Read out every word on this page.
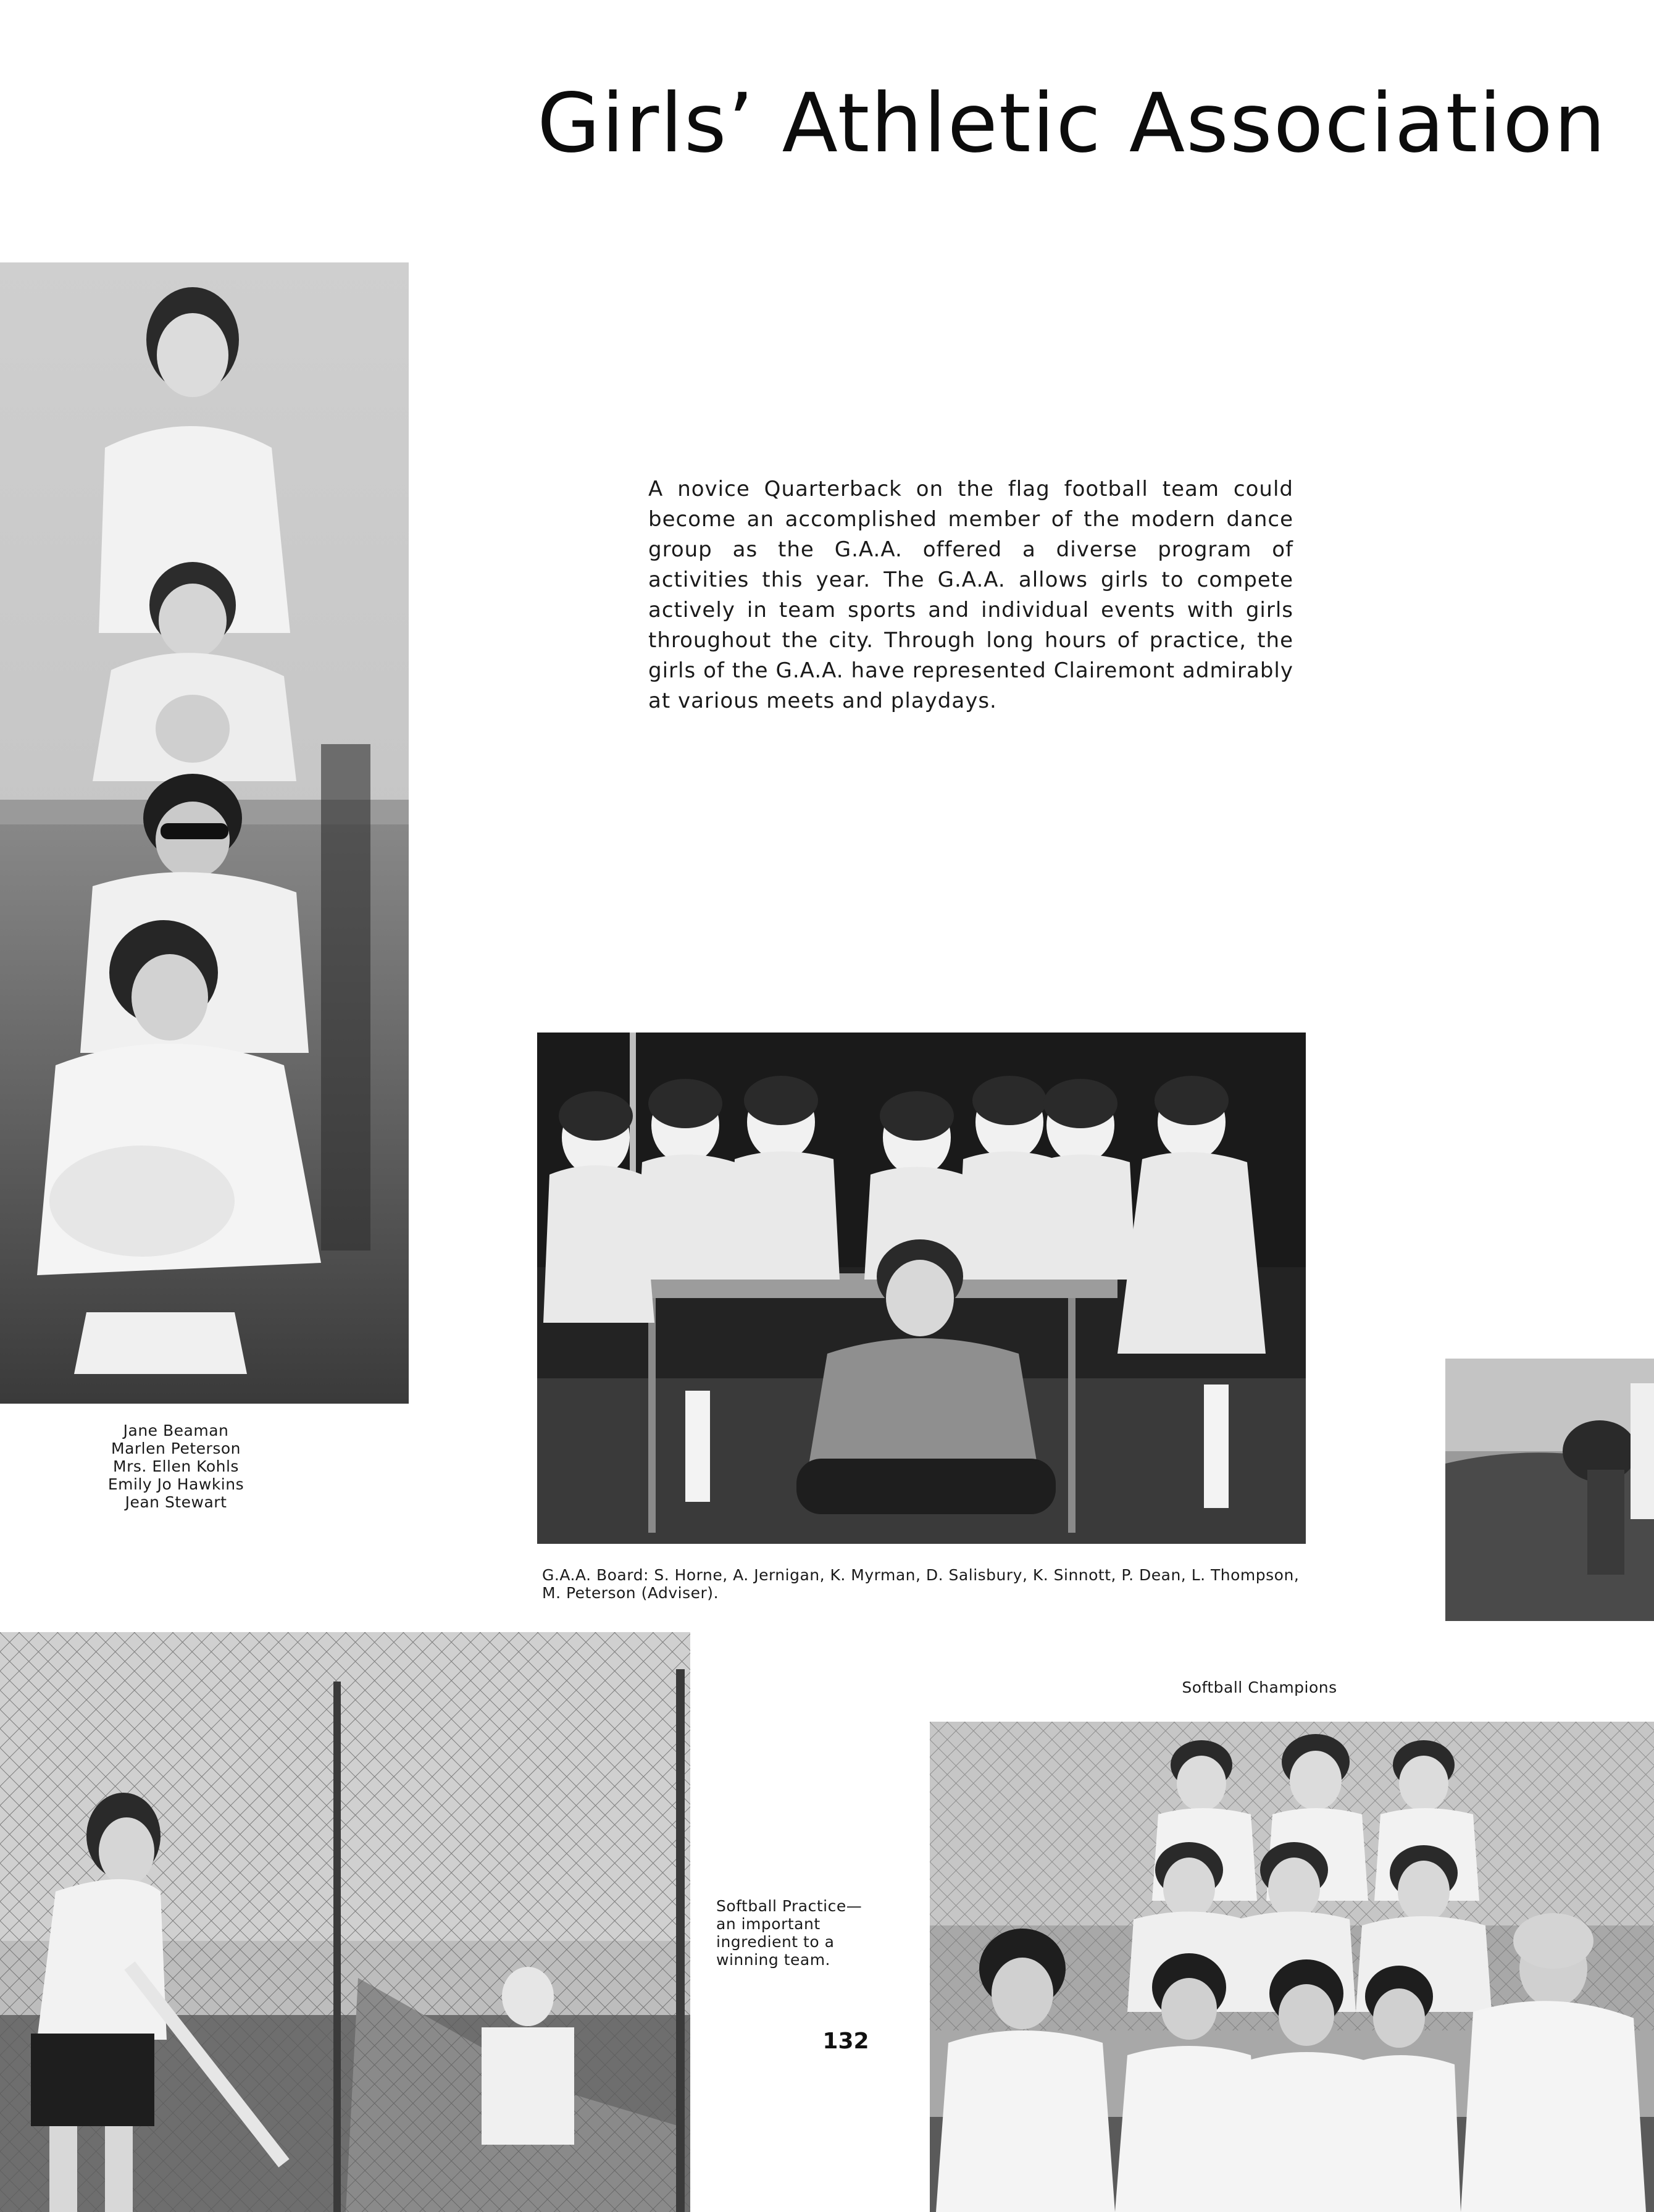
Girls’ Athletic Association

A novice Quarterback on the flag football team could become an accomplished member of the modern dance group as the G.A.A. offered a diverse program of activities this year. The G.A.A. allows girls to compete actively in team sports and individual events with girls throughout the city. Through long hours of practice, the girls of the G.A.A. have represented Clairemont admirably at various meets and playdays.

Jane Beaman
Marlen Peterson
Mrs. Ellen Kohls
Emily Jo Hawkins
Jean Stewart
G.A.A. Board: S. Horne, A. Jernigan, K. Myrman, D. Salisbury, K. Sinnott, P. Dean, L. Thompson, M. Peterson (Adviser).
Softball Practice—
an important
ingredient to a
winning team.
132
Softball Champions
